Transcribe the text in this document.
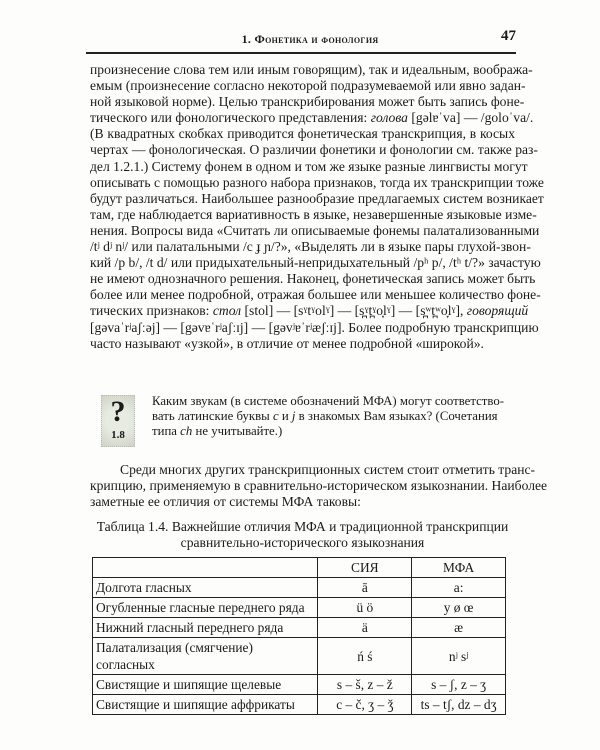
1. Фонетика и фонология	47
произнесение слова тем или иным говорящим), так и идеальным, вообража-
емым (произнесение согласно некоторой подразумеваемой или явно задан-
ной языковой норме). Целью транскрибирования может быть запись фоне-
тического или фонологического представления: голова [gəlɐˈva] — /goloˈva/.
(В квадратных скобках приводится фонетическая транскрипция, в косых
чертах — фонологическая. О различии фонетики и фонологии см. также раз-
дел 1.2.1.) Систему фонем в одном и том же языке разные лингвисты могут
описывать с помощью разного набора признаков, тогда их транскрипции тоже
будут различаться. Наибольшее разнообразие предлагаемых систем возникает
там, где наблюдается вариативность в языке, незавершенные языковые изме-
нения. Вопросы вида «Считать ли описываемые фонемы палатализованными
/tʲ dʲ nʲ/ или палатальными /c ɟ ɲ/?», «Выделять ли в языке пары глухой-звон-
кий /p b/, /t d/ или придыхательный-непридыхательный /pʰ p/, /tʰ t/?» зачастую
не имеют однозначного решения. Наконец, фонетическая запись может быть
более или менее подробной, отражая большее или меньшее количество фоне-
тических признаков: стол [stol] — [sˠtˠolˠ] — [s̪ˠt̪ˠo̞lˠ] — [s̪ʷt̪ʷo̞lˠ], говорящий
[gəvaˈrʲaʃːəj] — [gəvɐˈrʲaʃːɪj] — [gəvʲɐˈrʲæʃːɪj]. Более подробную транскрипцию
часто называют «узкой», в отличие от менее подробной «широкой».
?
1.8
Каким звукам (в системе обозначений МФА) могут соответство-
вать латинские буквы c и j в знакомых Вам языках? (Сочетания
типа ch не учитывайте.)
Среди многих других транскрипционных систем стоит отметить транс-
крипцию, применяемую в сравнительно-историческом языкознании. Наиболее
заметные ее отличия от системы МФА таковы:
Таблица 1.4. Важнейшие отличия МФА и традиционной транскрипции
сравнительно-исторического языкознания
	СИЯ	МФА
Долгота гласных	ā	a:
Огубленные гласные переднего ряда	ü ö	y ø œ
Нижний гласный переднего ряда	ä	æ
Палатализация (смягчение) согласных	ń ś	nʲ sʲ
Свистящие и шипящие щелевые	s – š, z – ž	s – ʃ, z – ʒ
Свистящие и шипящие аффрикаты	c – č, ʒ – ǯ	ts – tʃ, dz – dʒ
